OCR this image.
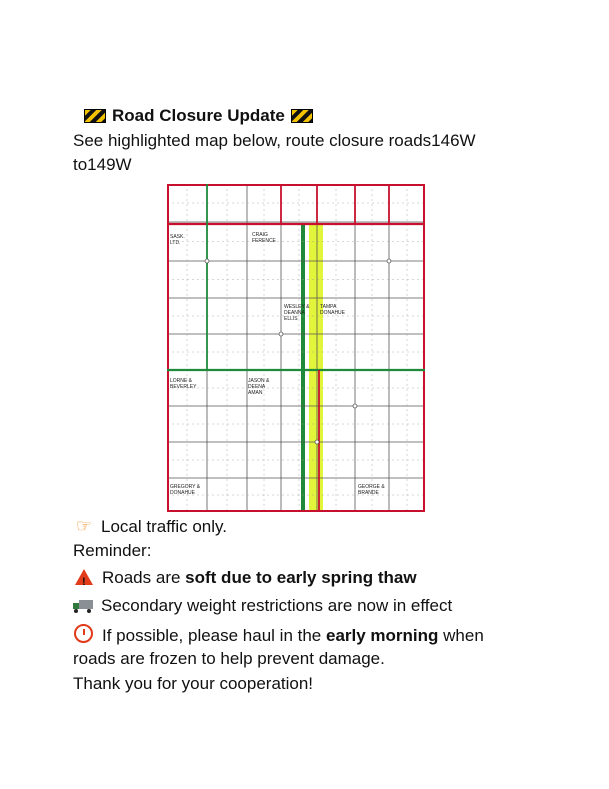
Road Closure Update
See highlighted map below, route closure roads146W
to149W
CRAIG
FERENCE
SASK.
LTD.
WESLEY &
DEANNA
ELLIS
TAMPA
DONAHUE
JASON &
DEENA
AMAN
LORNE &
BEVERLEY
GREGORY &
DONAHUE
GEORGE &
BRANDE
☞ Local traffic only.
Reminder:
!Roads are soft due to early spring thaw
Secondary weight restrictions are now in effect
If possible, please haul in the early morning when
roads are frozen to help prevent damage.
Thank you for your cooperation!
